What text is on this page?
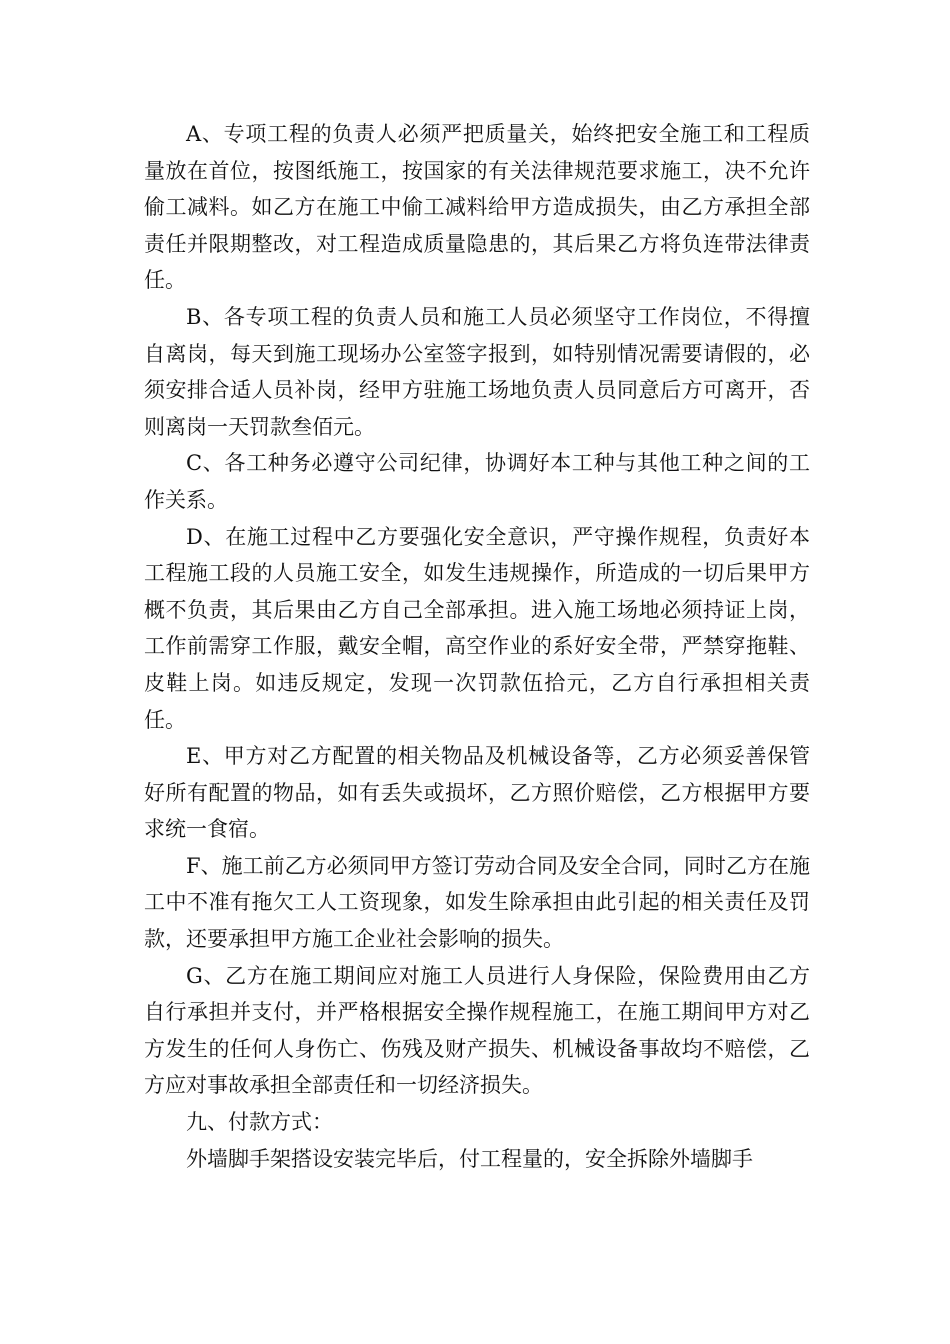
A、专项工程的负责人必须严把质量关，始终把安全施工和工程质量放在首位，按图纸施工，按国家的有关法律规范要求施工，决不允许偷工减料。如乙方在施工中偷工减料给甲方造成损失，由乙方承担全部责任并限期整改，对工程造成质量隐患的，其后果乙方将负连带法律责任。

B、各专项工程的负责人员和施工人员必须坚守工作岗位，不得擅自离岗，每天到施工现场办公室签字报到，如特别情况需要请假的，必须安排合适人员补岗，经甲方驻施工场地负责人员同意后方可离开，否则离岗一天罚款叁佰元。

C、各工种务必遵守公司纪律，协调好本工种与其他工种之间的工作关系。

D、在施工过程中乙方要强化安全意识，严守操作规程，负责好本工程施工段的人员施工安全，如发生违规操作，所造成的一切后果甲方概不负责，其后果由乙方自己全部承担。进入施工场地必须持证上岗，工作前需穿工作服，戴安全帽，高空作业的系好安全带，严禁穿拖鞋、皮鞋上岗。如违反规定，发现一次罚款伍拾元，乙方自行承担相关责任。

E、甲方对乙方配置的相关物品及机械设备等，乙方必须妥善保管好所有配置的物品，如有丢失或损坏，乙方照价赔偿，乙方根据甲方要求统一食宿。

F、施工前乙方必须同甲方签订劳动合同及安全合同，同时乙方在施工中不准有拖欠工人工资现象，如发生除承担由此引起的相关责任及罚款，还要承担甲方施工企业社会影响的损失。

G、乙方在施工期间应对施工人员进行人身保险，保险费用由乙方自行承担并支付，并严格根据安全操作规程施工，在施工期间甲方对乙方发生的任何人身伤亡、伤残及财产损失、机械设备事故均不赔偿，乙方应对事故承担全部责任和一切经济损失。

九、付款方式：

外墙脚手架搭设安装完毕后，付工程量的，安全拆除外墙脚手
